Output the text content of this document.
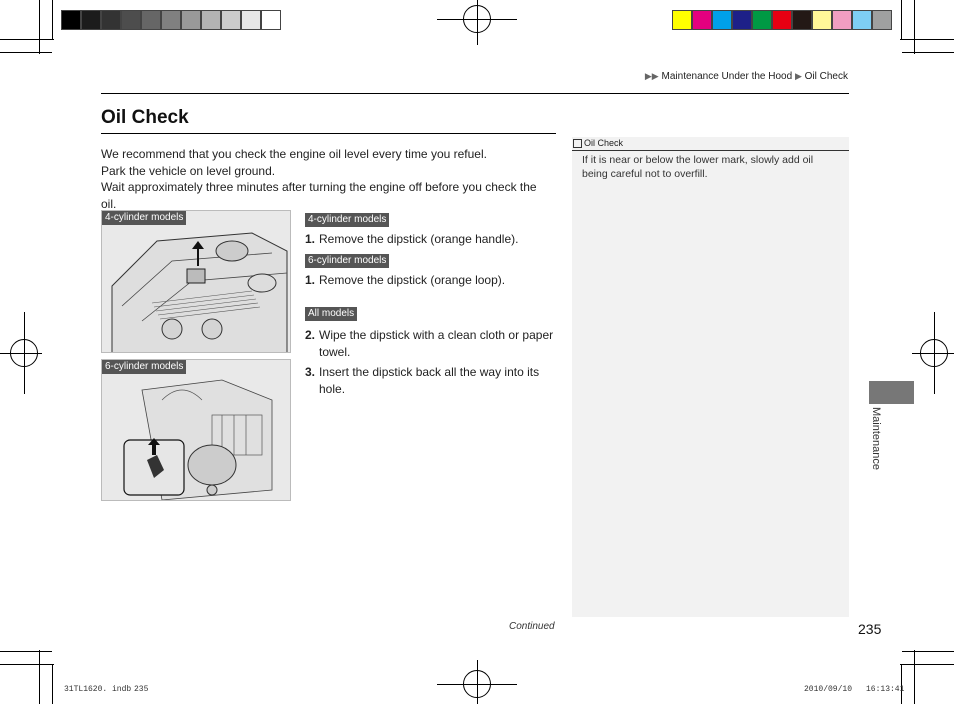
▶▶ Maintenance Under the Hood ▶ Oil Check
Oil Check

We recommend that you check the engine oil level every time you refuel.

Park the vehicle on level ground.

Wait approximately three minutes after turning the engine off before you check the oil.

4-cylinder models
6-cylinder models
4-cylinder models
1. Remove the dipstick (orange handle).
6-cylinder models
1. Remove the dipstick (orange loop).
All models
2. Wipe the dipstick with a clean cloth or paper towel.
3. Insert the dipstick back all the way into its hole.
Oil Check
If it is near or below the lower mark, slowly add oil being careful not to overfill.
Maintenance
Continued	235
31TL1620. indb 235	2010/09/10 16:13:41
